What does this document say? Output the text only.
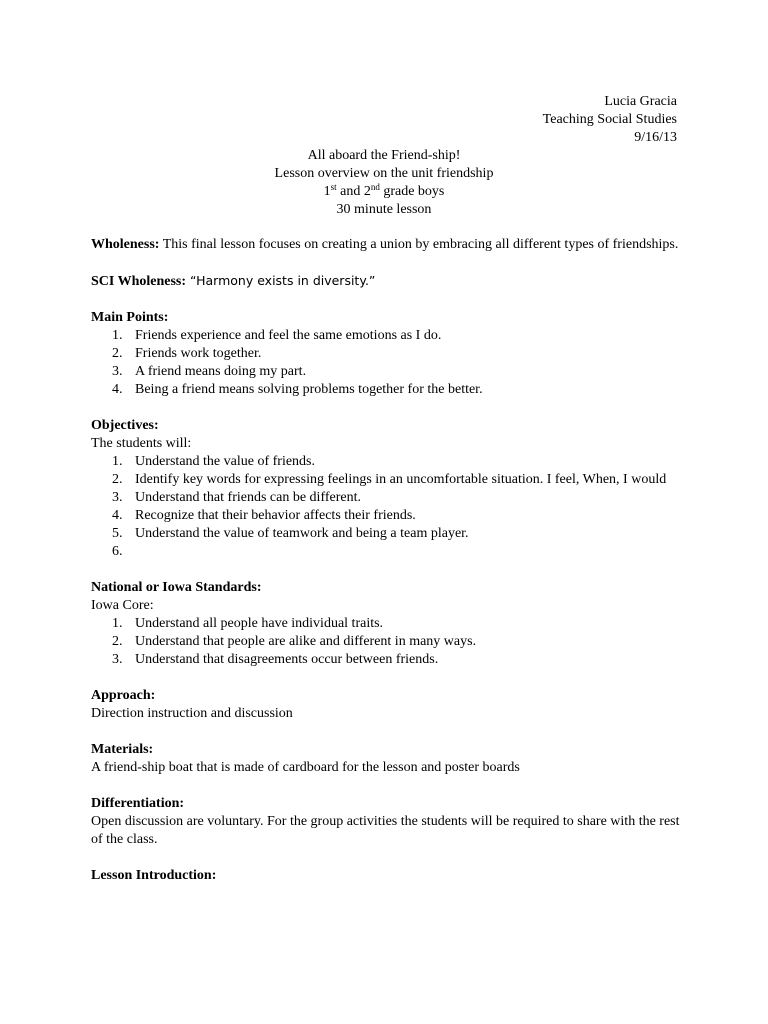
Lucia Gracia
Teaching Social Studies
9/16/13
All aboard the Friend-ship!
Lesson overview on the unit friendship
1st and 2nd grade boys
30 minute lesson

Wholeness: This final lesson focuses on creating a union by embracing all different types of friendships.

SCI Wholeness: “Harmony exists in diversity.”

Main Points:

1. Friends experience and feel the same emotions as I do.
2. Friends work together.
3. A friend means doing my part.
4. Being a friend means solving problems together for the better.

Objectives:

The students will:

1. Understand the value of friends.
2. Identify key words for expressing feelings in an uncomfortable situation. I feel, When, I would
3. Understand that friends can be different.
4. Recognize that their behavior affects their friends.
5. Understand the value of teamwork and being a team player.
6.

National or Iowa Standards:

Iowa Core:

1. Understand all people have individual traits.
2. Understand that people are alike and different in many ways.
3. Understand that disagreements occur between friends.

Approach:

Direction instruction and discussion

Materials:

A friend-ship boat that is made of cardboard for the lesson and poster boards

Differentiation:

Open discussion are voluntary. For the group activities the students will be required to share with the rest of the class.

Lesson Introduction:
